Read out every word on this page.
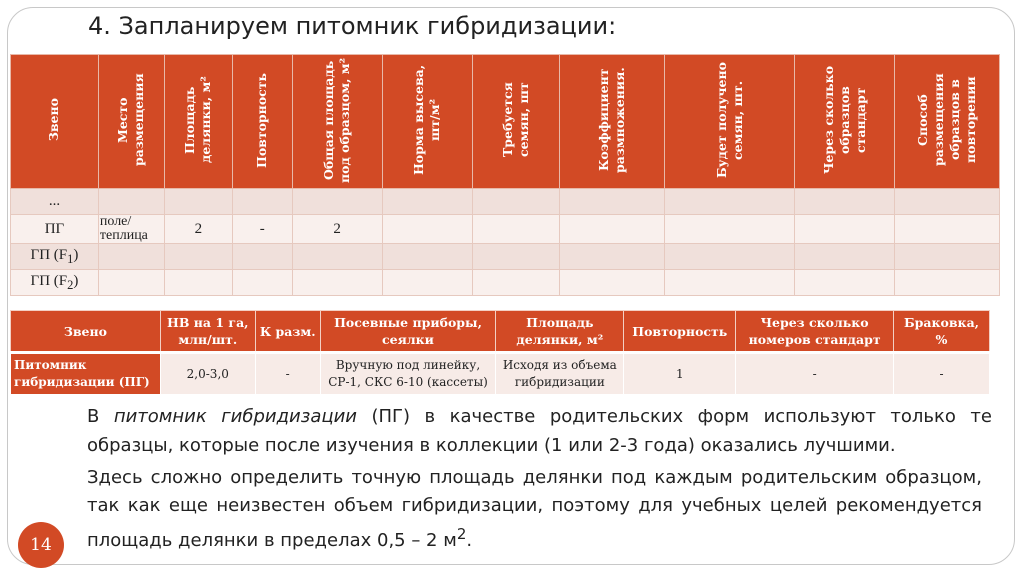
4. Запланируем питомник гибридизации:
Звено	Место размещения	Площадь делянки, м²	Повторность	Общая площадь под образцом, м²	Норма высева, шт/м²	Требуется семян, шт	Коэффициент размножения.	Будет получено семян, шт.	Через сколько образцов стандарт	Способ размещения образцов в повторении
...										
ПГ	поле/ теплица	2	-	2						
ГП $(F_1)$										
ГП $(F_2)$										
Звено	НВ на 1 га, млн/шт.	К разм.	Посевные приборы, сеялки	Площадь делянки, м²	Повторность	Через сколько номеров стандарт	Браковка, %
Питомник гибридизации (ПГ)	2,0-3,0	-	Вручную под линейку, СР-1, СКС 6-10 (кассеты)	Исходя из объема гибридизации	1	-	-
В питомник гибридизации (ПГ) в качестве родительских форм используют только те образцы, которые после изучения в коллекции (1 или 2-3 года) оказались лучшими.
Здесь сложно определить точную площадь делянки под каждым родительским образцом, так как еще неизвестен объем гибридизации, поэтому для учебных целей рекомендуется площадь делянки в пределах 0,5 – 2 $м^2$.
14
